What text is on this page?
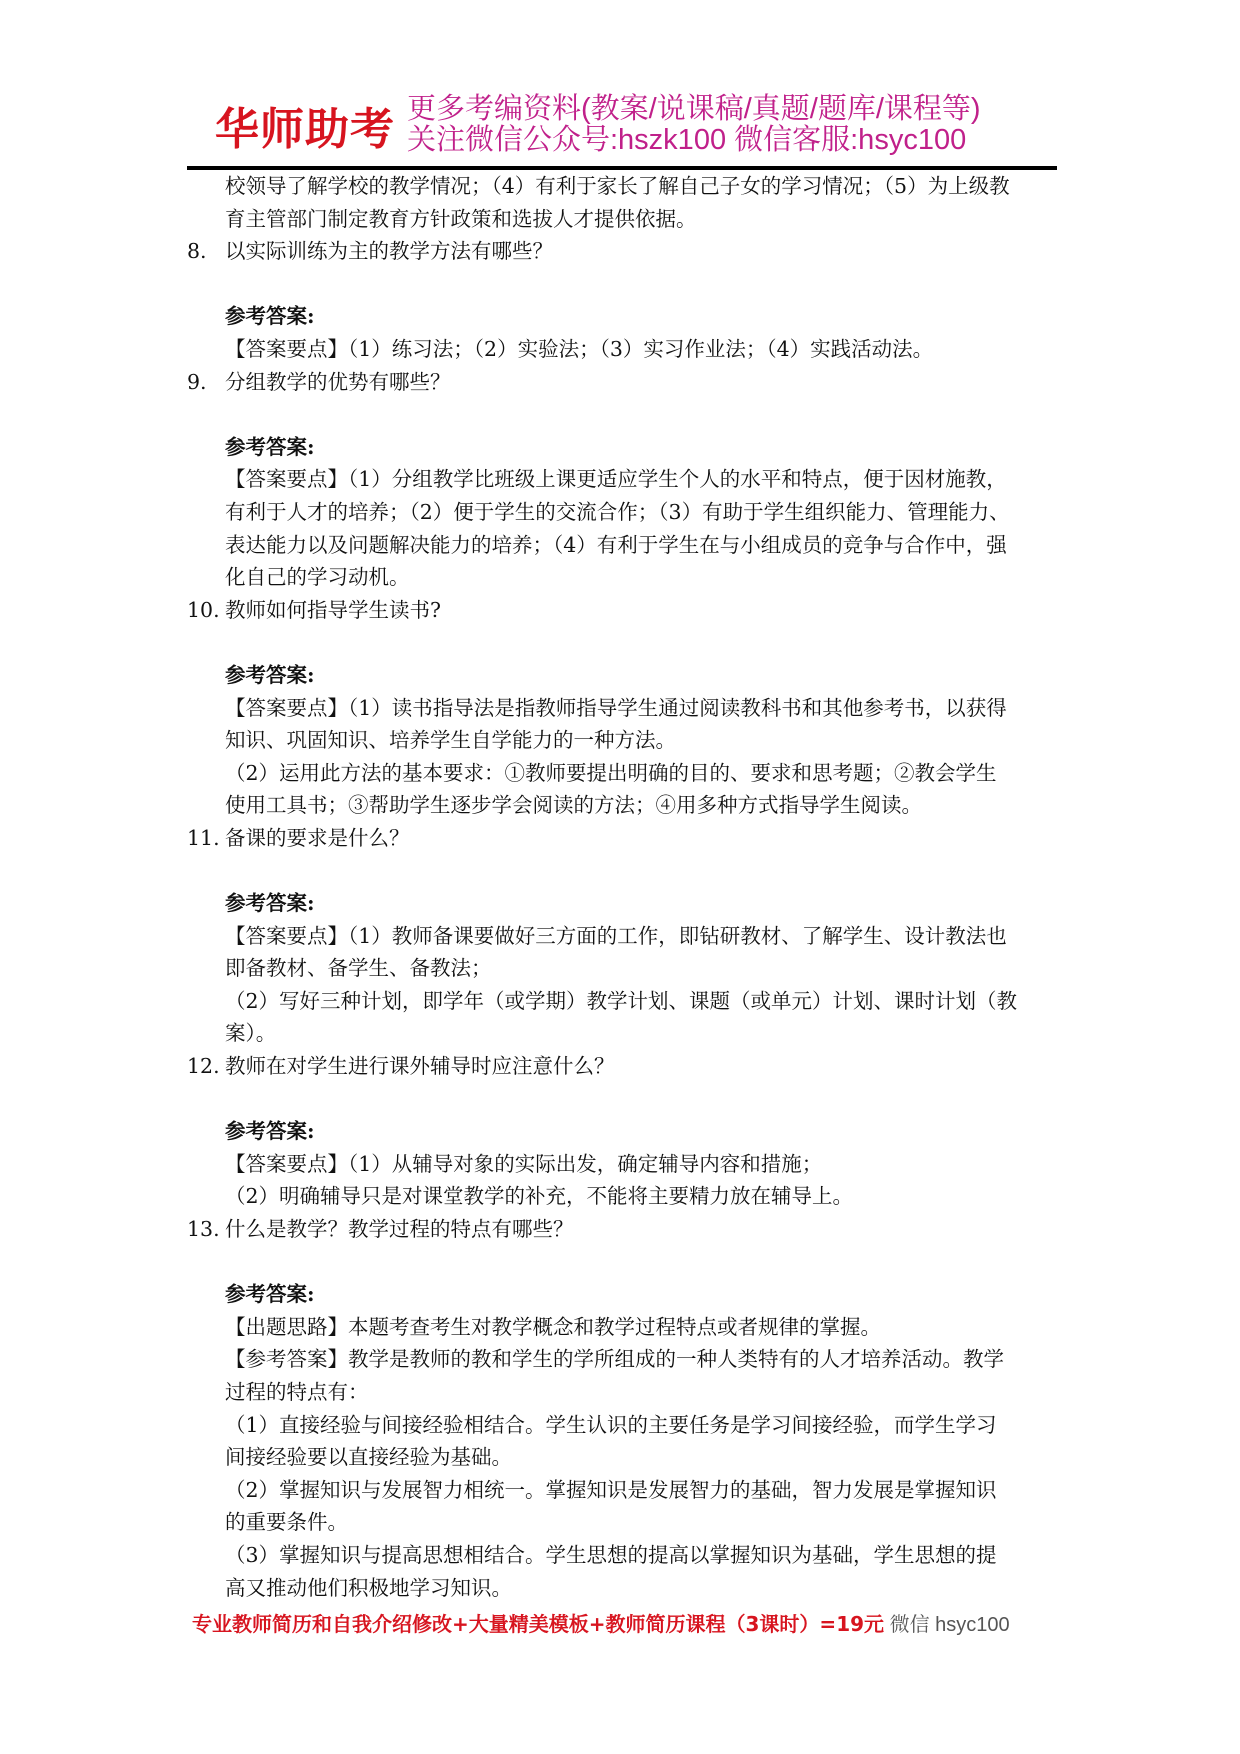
华师助考 更多考编资料(教案/说课稿/真题/题库/课程等)
关注微信公众号:hszk100 微信客服:hsyc100
校领导了解学校的教学情况；（4）有利于家长了解自己子女的学习情况；（5）为上级教
育主管部门制定教育方针政策和选拔人才提供依据。
8. 以实际训练为主的教学方法有哪些？
参考答案:
【答案要点】（1）练习法；（2）实验法；（3）实习作业法；（4）实践活动法。
9. 分组教学的优势有哪些？
参考答案:
【答案要点】（1）分组教学比班级上课更适应学生个人的水平和特点，便于因材施教，
有利于人才的培养；（2）便于学生的交流合作；（3）有助于学生组织能力、管理能力、
表达能力以及问题解决能力的培养；（4）有利于学生在与小组成员的竞争与合作中，强
化自己的学习动机。
10. 教师如何指导学生读书?
参考答案:
【答案要点】（1）读书指导法是指教师指导学生通过阅读教科书和其他参考书，以获得
知识、巩固知识、培养学生自学能力的一种方法。
（2）运用此方法的基本要求：①教师要提出明确的目的、要求和思考题；②教会学生
使用工具书；③帮助学生逐步学会阅读的方法；④用多种方式指导学生阅读。
11. 备课的要求是什么？
参考答案:
【答案要点】（1）教师备课要做好三方面的工作，即钻研教材、了解学生、设计教法也
即备教材、备学生、备教法；
（2）写好三种计划，即学年（或学期）教学计划、课题（或单元）计划、课时计划（教
案）。
12. 教师在对学生进行课外辅导时应注意什么？
参考答案:
【答案要点】（1）从辅导对象的实际出发，确定辅导内容和措施；
（2）明确辅导只是对课堂教学的补充，不能将主要精力放在辅导上。
13. 什么是教学？教学过程的特点有哪些？
参考答案:
【出题思路】本题考查考生对教学概念和教学过程特点或者规律的掌握。
【参考答案】教学是教师的教和学生的学所组成的一种人类特有的人才培养活动。教学
过程的特点有：
（1）直接经验与间接经验相结合。学生认识的主要任务是学习间接经验，而学生学习
间接经验要以直接经验为基础。
（2）掌握知识与发展智力相统一。掌握知识是发展智力的基础，智力发展是掌握知识
的重要条件。
（3）掌握知识与提高思想相结合。学生思想的提高以掌握知识为基础，学生思想的提
高又推动他们积极地学习知识。
专业教师简历和自我介绍修改+大量精美模板+教师简历课程（3课时）=19元 微信 hsyc100
